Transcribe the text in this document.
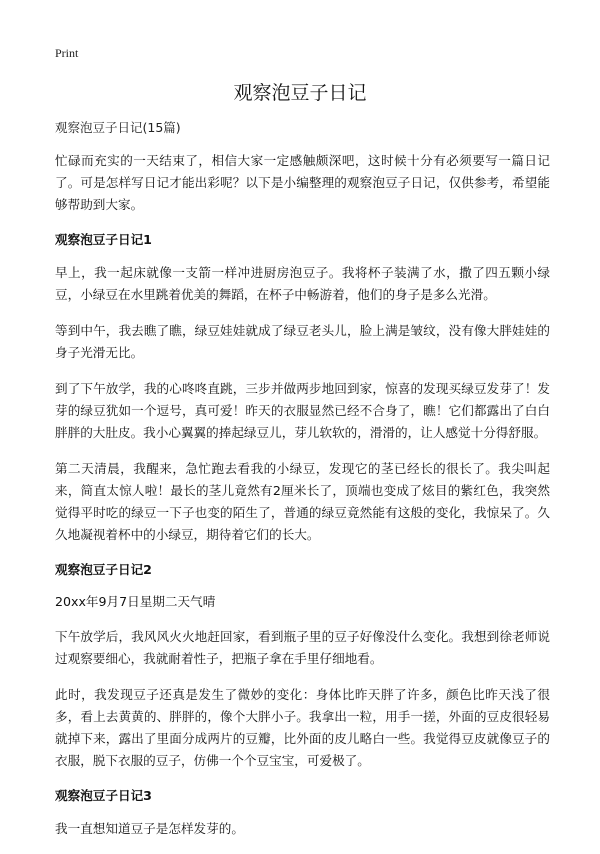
Print
观察泡豆子日记
观察泡豆子日记(15篇)

忙碌而充实的一天结束了，相信大家一定感触颇深吧，这时候十分有必须要写一篇日记了。可是怎样写日记才能出彩呢？以下是小编整理的观察泡豆子日记，仅供参考，希望能够帮助到大家。

观察泡豆子日记1

早上，我一起床就像一支箭一样冲进厨房泡豆子。我将杯子装满了水，撒了四五颗小绿豆，小绿豆在水里跳着优美的舞蹈，在杯子中畅游着，他们的身子是多么光滑。

等到中午，我去瞧了瞧，绿豆娃娃就成了绿豆老头儿，脸上满是皱纹，没有像大胖娃娃的身子光滑无比。

到了下午放学，我的心咚咚直跳，三步并做两步地回到家，惊喜的发现买绿豆发芽了！发芽的绿豆犹如一个逗号，真可爱！昨天的衣服显然已经不合身了，瞧！它们都露出了白白胖胖的大肚皮。我小心翼翼的捧起绿豆儿，芽儿软软的，滑滑的，让人感觉十分得舒服。

第二天清晨，我醒来，急忙跑去看我的小绿豆，发现它的茎已经长的很长了。我尖叫起来，简直太惊人啦！最长的茎儿竟然有2厘米长了，顶端也变成了炫目的紫红色，我突然觉得平时吃的绿豆一下子也变的陌生了，普通的绿豆竟然能有这般的变化，我惊呆了。久久地凝视着杯中的小绿豆，期待着它们的长大。

观察泡豆子日记2
20xx年9月7日星期二天气晴

下午放学后，我风风火火地赶回家，看到瓶子里的豆子好像没什么变化。我想到徐老师说过观察要细心，我就耐着性子，把瓶子拿在手里仔细地看。

此时，我发现豆子还真是发生了微妙的变化：身体比昨天胖了许多，颜色比昨天浅了很多，看上去黄黄的、胖胖的，像个大胖小子。我拿出一粒，用手一搓，外面的豆皮很轻易就掉下来，露出了里面分成两片的豆瓣，比外面的皮儿略白一些。我觉得豆皮就像豆子的衣服，脱下衣服的豆子，仿佛一个个豆宝宝，可爱极了。

观察泡豆子日记3

我一直想知道豆子是怎样发芽的。
